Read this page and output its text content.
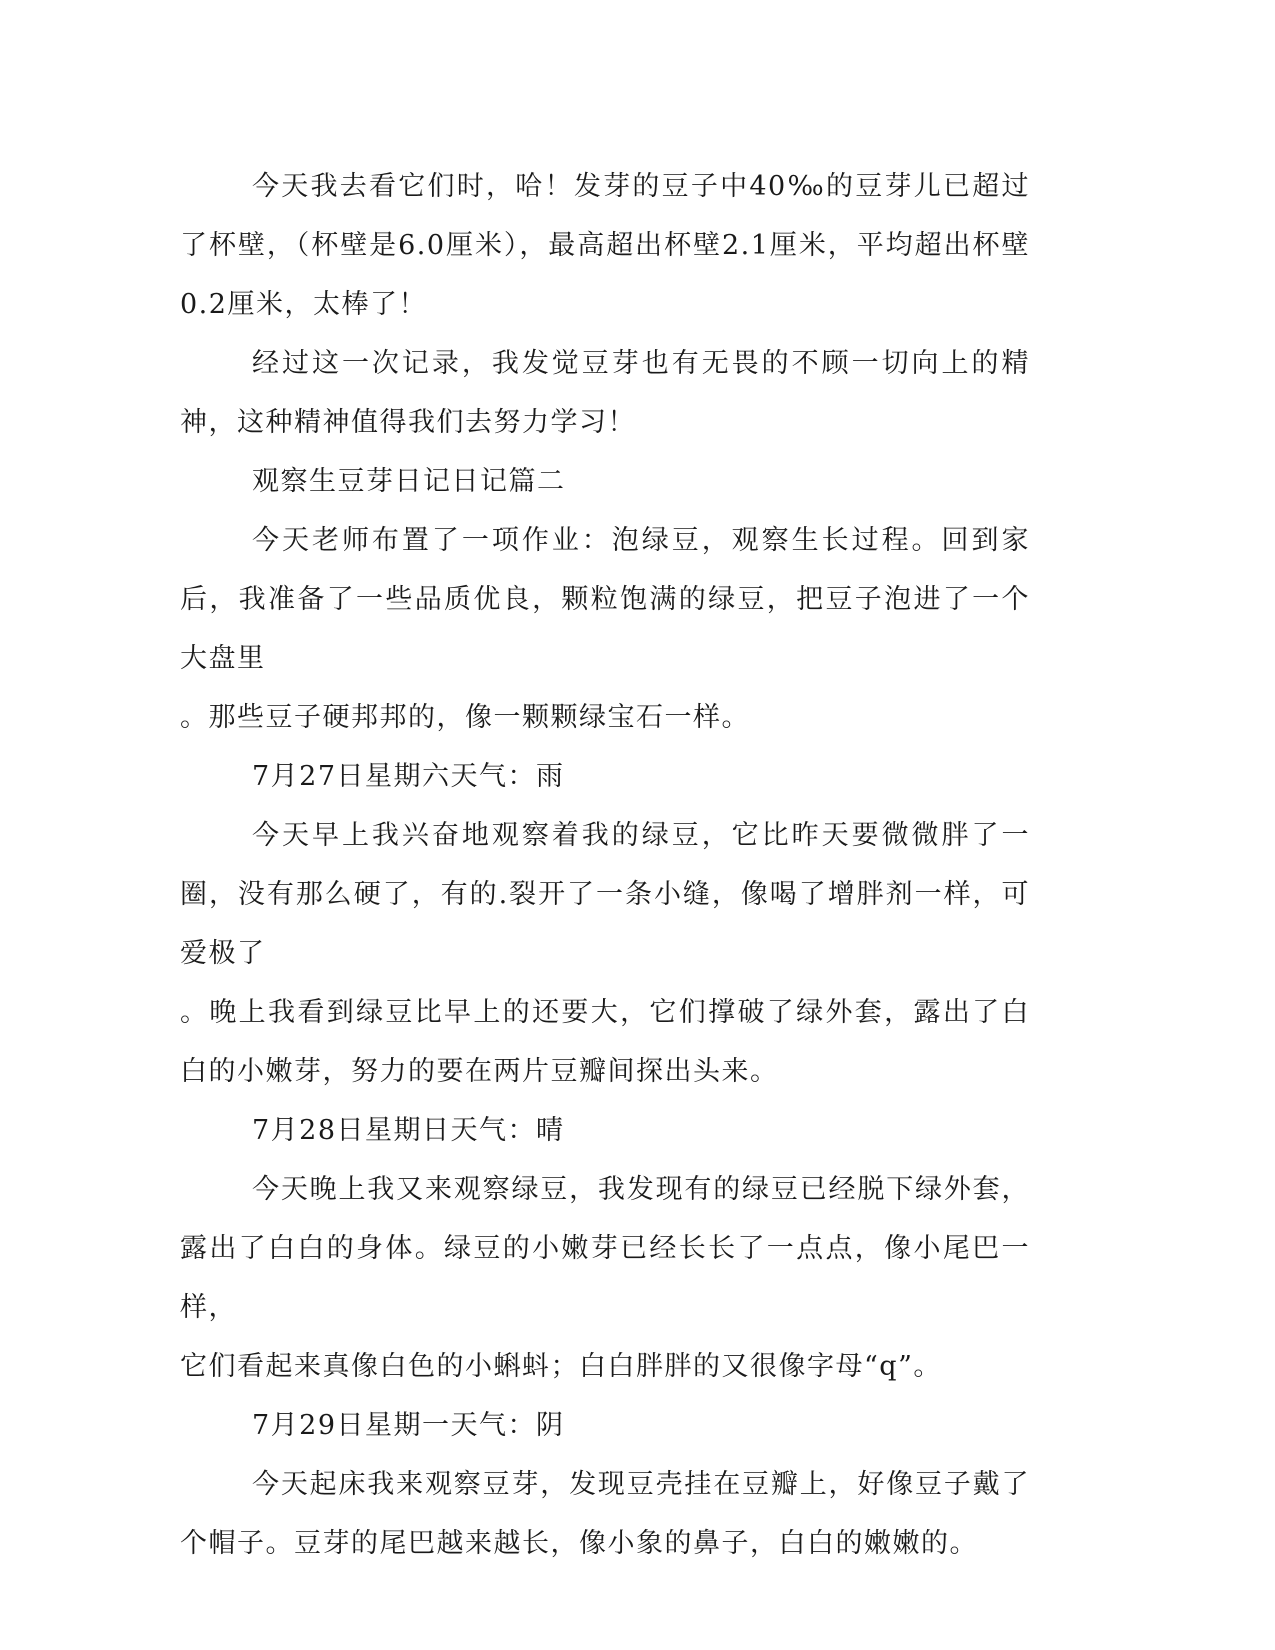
今天我去看它们时，哈！发芽的豆子中40‰的豆芽儿已超过了杯壁，（杯壁是6.0厘米），最高超出杯壁2.1厘米，平均超出杯壁0.2厘米，太棒了！

经过这一次记录，我发觉豆芽也有无畏的不顾一切向上的精神，这种精神值得我们去努力学习！

观察生豆芽日记日记篇二

今天老师布置了一项作业：泡绿豆，观察生长过程。回到家后，我准备了一些品质优良，颗粒饱满的绿豆，把豆子泡进了一个大盘里
。那些豆子硬邦邦的，像一颗颗绿宝石一样。

7月27日星期六天气：雨

今天早上我兴奋地观察着我的绿豆，它比昨天要微微胖了一圈，没有那么硬了，有的.裂开了一条小缝，像喝了增胖剂一样，可爱极了
。晚上我看到绿豆比早上的还要大，它们撑破了绿外套，露出了白白的小嫩芽，努力的要在两片豆瓣间探出头来。

7月28日星期日天气：晴

今天晚上我又来观察绿豆，我发现有的绿豆已经脱下绿外套，露出了白白的身体。绿豆的小嫩芽已经长长了一点点，像小尾巴一样，
它们看起来真像白色的小蝌蚪；白白胖胖的又很像字母“q”。

7月29日星期一天气：阴

今天起床我来观察豆芽，发现豆壳挂在豆瓣上，好像豆子戴了个帽子。豆芽的尾巴越来越长，像小象的鼻子，白白的嫩嫩的。
